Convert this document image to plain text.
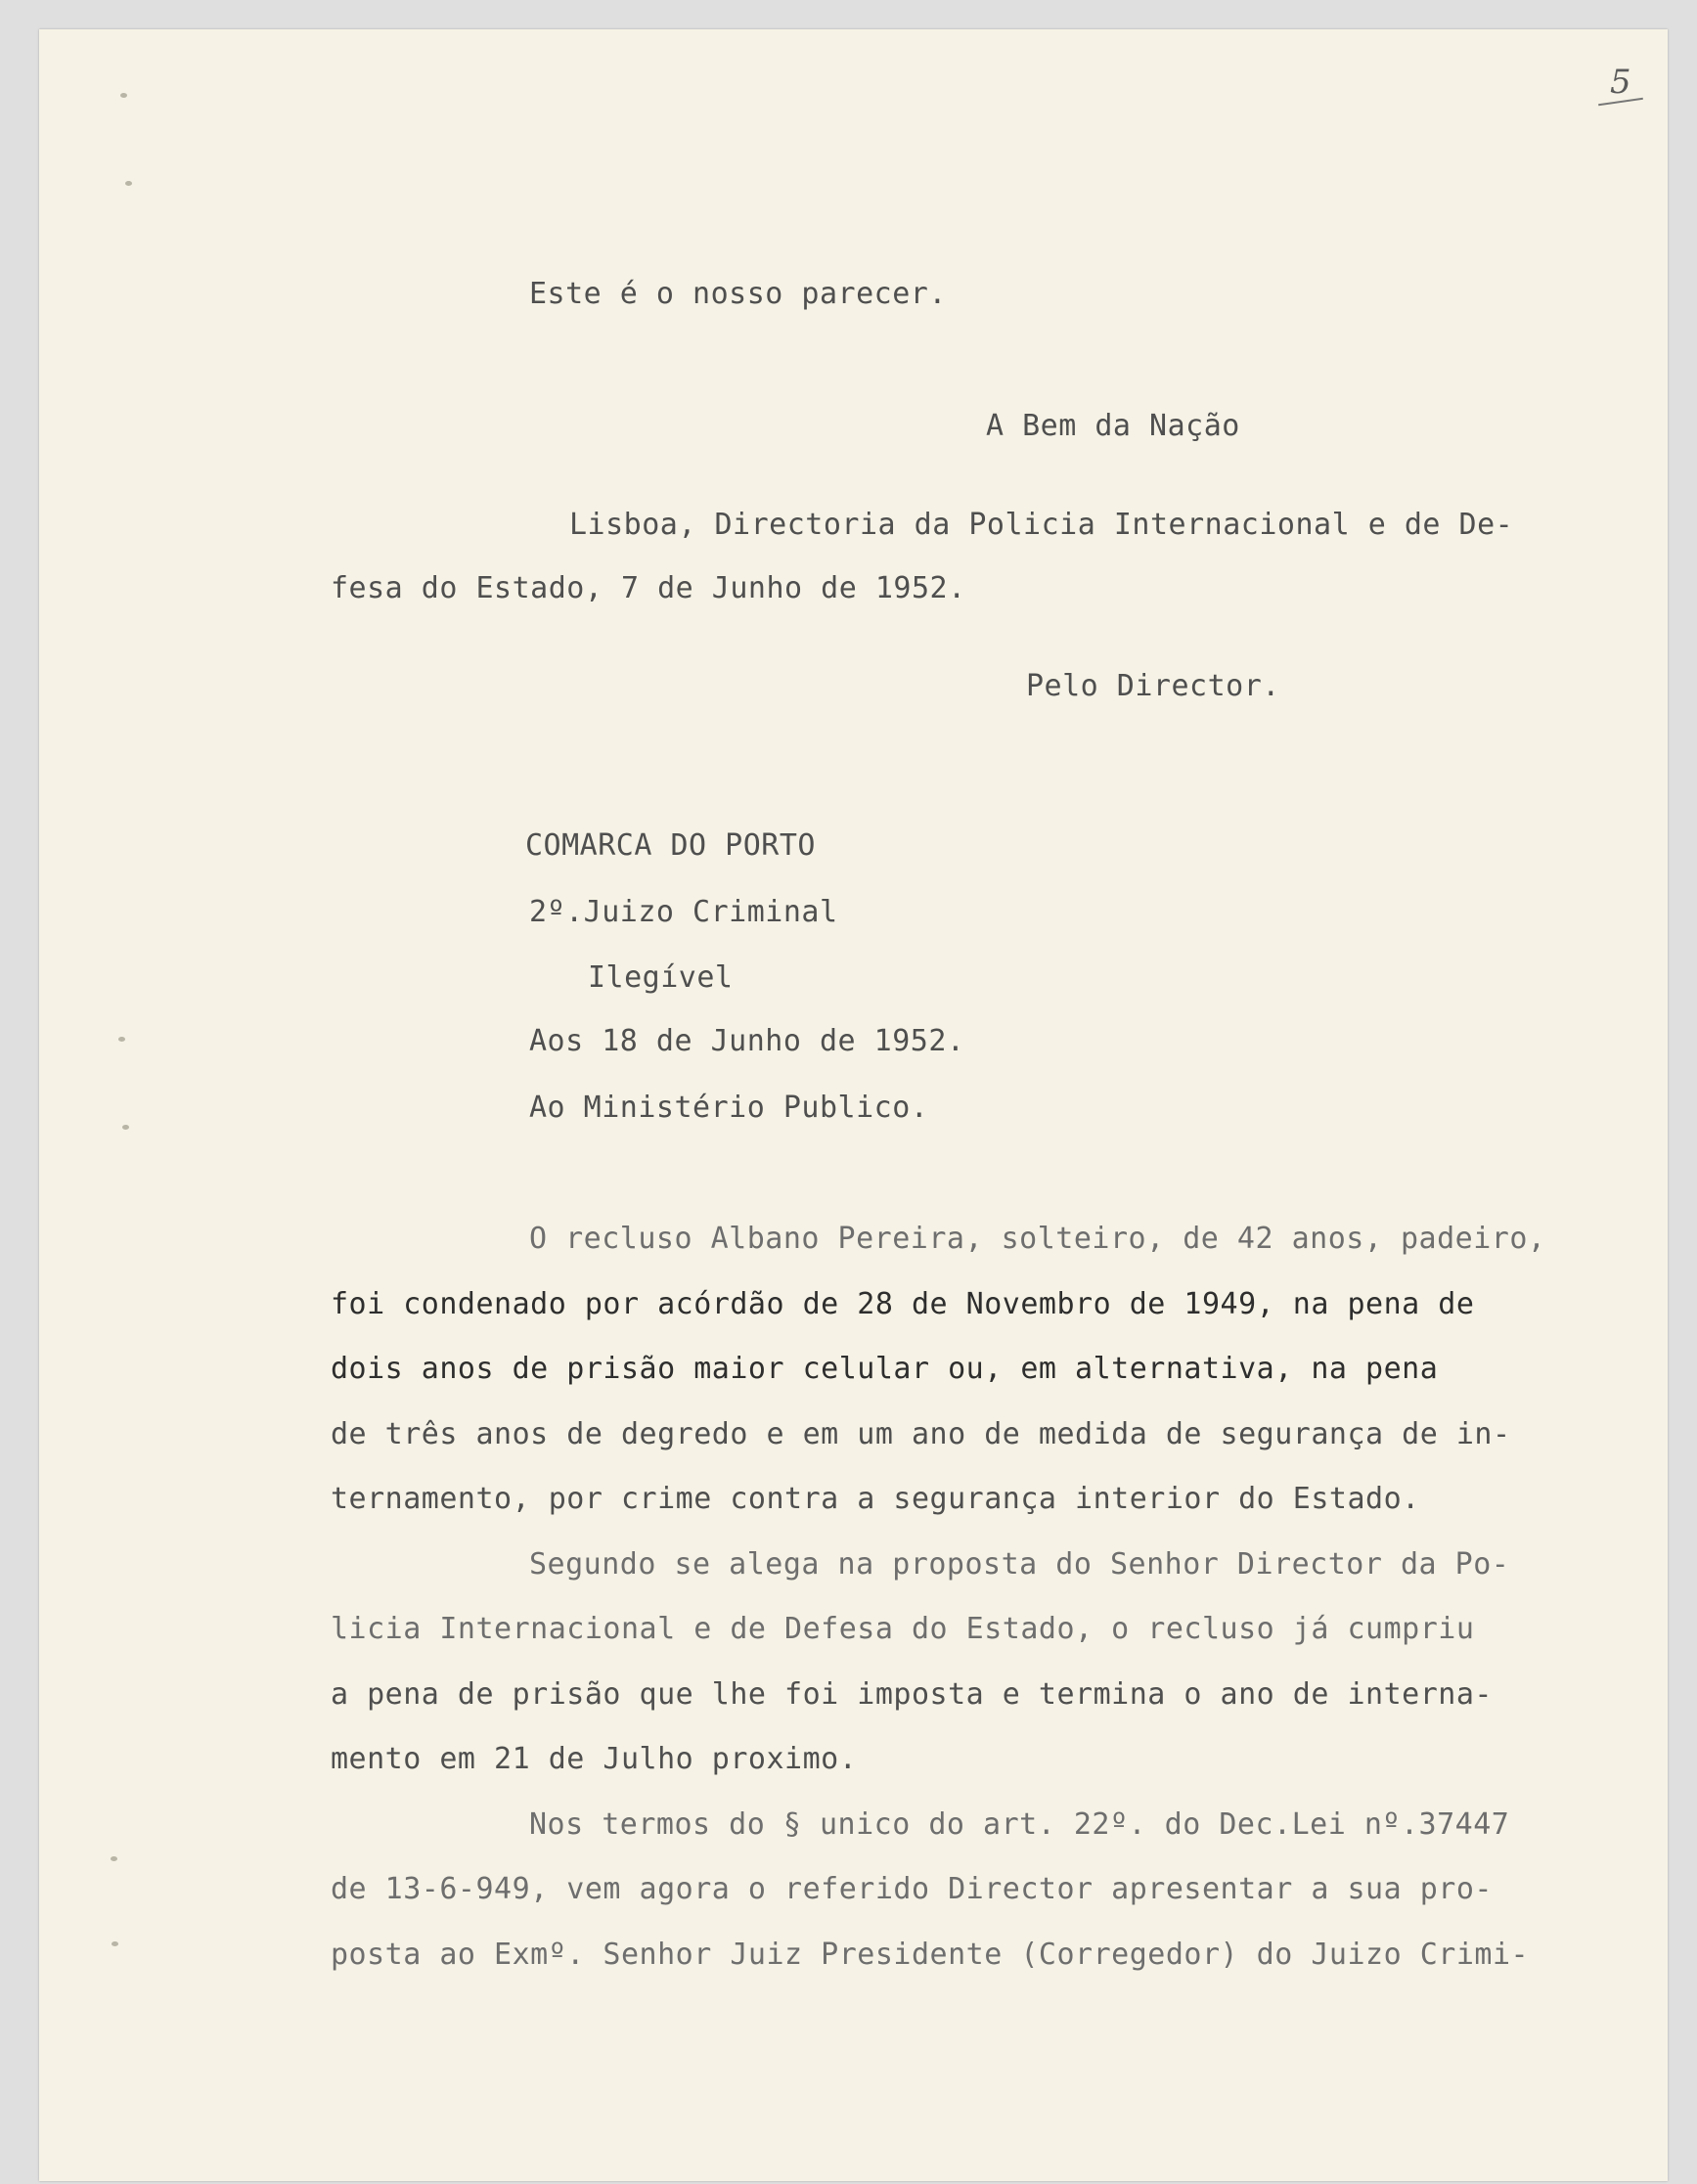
5
Este é o nosso parecer.
A Bem da Nação
Lisboa, Directoria da Policia Internacional e de De-
fesa do Estado, 7 de Junho de 1952.
Pelo Director.
COMARCA DO PORTO
2º.Juizo Criminal
Ilegível
Aos 18 de Junho de 1952.
Ao Ministério Publico.
O recluso Albano Pereira, solteiro, de 42 anos, padeiro,
foi condenado por acórdão de 28 de Novembro de 1949, na pena de
dois anos de prisão maior celular ou, em alternativa, na pena
de três anos de degredo e em um ano de medida de segurança de in-
ternamento, por crime contra a segurança interior do Estado.
Segundo se alega na proposta do Senhor Director da Po-
licia Internacional e de Defesa do Estado, o recluso já cumpriu
a pena de prisão que lhe foi imposta e termina o ano de interna-
mento em 21 de Julho proximo.
Nos termos do § unico do art. 22º. do Dec.Lei nº.37447
de 13-6-949, vem agora o referido Director apresentar a sua pro-
posta ao Exmº. Senhor Juiz Presidente (Corregedor) do Juizo Crimi-
